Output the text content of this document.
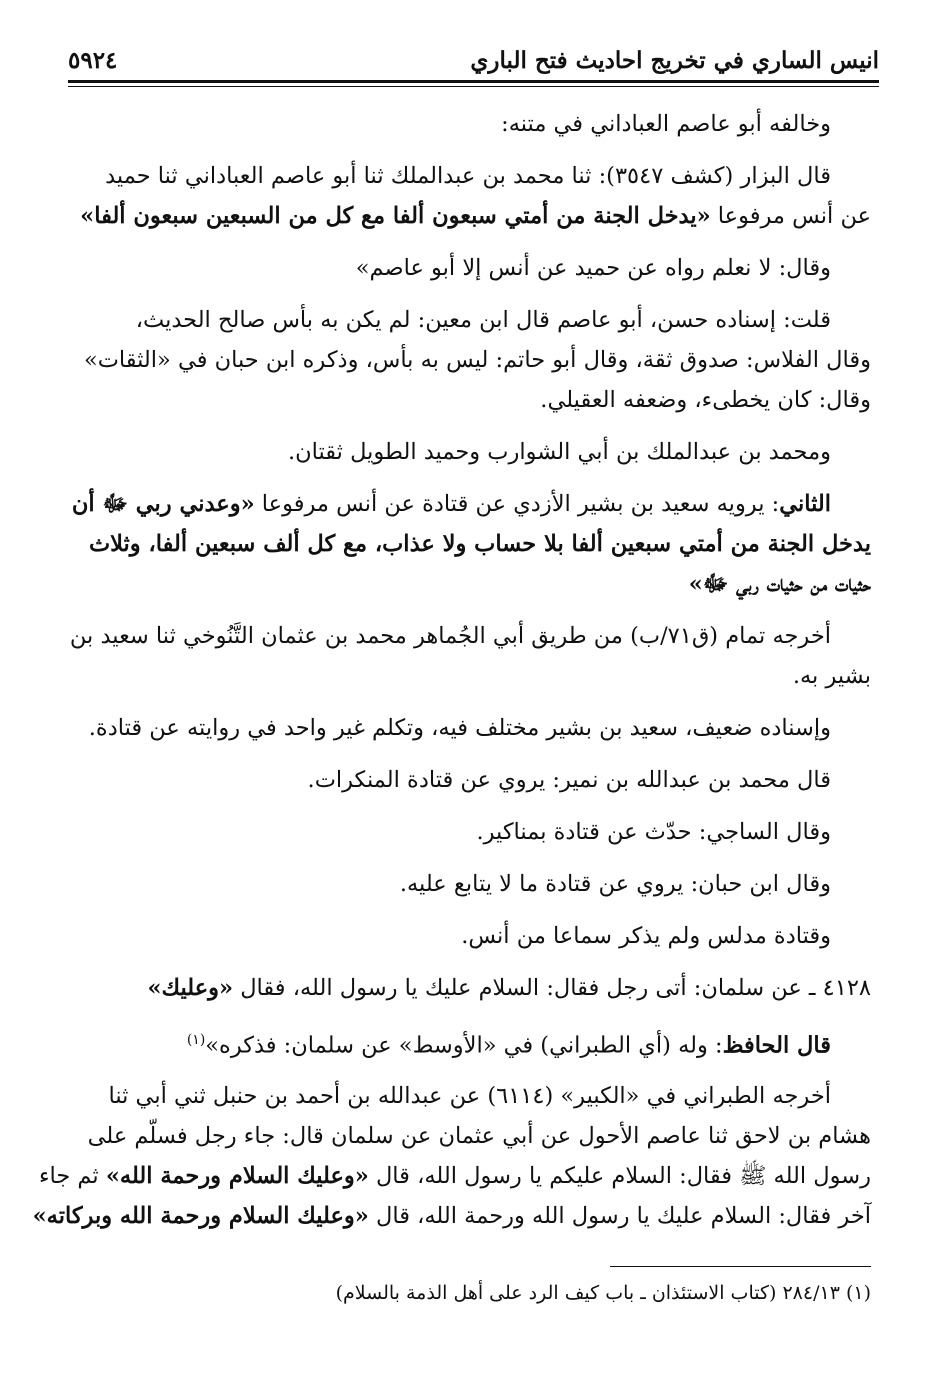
انيس الساري في تخريج احاديث فتح الباري
٥٩٢٤
وخالفه أبو عاصم العباداني في متنه:
قال البزار (كشف ٣٥٤٧): ثنا محمد بن عبدالملك ثنا أبو عاصم العباداني ثنا حميد
عن أنس مرفوعا «يدخل الجنة من أمتي سبعون ألفا مع كل من السبعين سبعون ألفا»
وقال: لا نعلم رواه عن حميد عن أنس إلا أبو عاصم»
قلت: إسناده حسن، أبو عاصم قال ابن معين: لم يكن به بأس صالح الحديث،
وقال الفلاس: صدوق ثقة، وقال أبو حاتم: ليس به بأس، وذكره ابن حبان في «الثقات»
وقال: كان يخطىء، وضعفه العقيلي.
ومحمد بن عبدالملك بن أبي الشوارب وحميد الطويل ثقتان.
الثاني: يرويه سعيد بن بشير الأزدي عن قتادة عن أنس مرفوعا «وعدني ربي ﷻ أن
يدخل الجنة من أمتي سبعين ألفا بلا حساب ولا عذاب، مع كل ألف سبعين ألفا، وثلاث
حثيات من حثيات ربي ﷻ»
أخرجه تمام (ق٧١/ب) من طريق أبي الجُماهر محمد بن عثمان التَّنُوخي ثنا سعيد بن
بشير به.
وإسناده ضعيف، سعيد بن بشير مختلف فيه، وتكلم غير واحد في روايته عن قتادة.
قال محمد بن عبدالله بن نمير: يروي عن قتادة المنكرات.
وقال الساجي: حدّث عن قتادة بمناكير.
وقال ابن حبان: يروي عن قتادة ما لا يتابع عليه.
وقتادة مدلس ولم يذكر سماعا من أنس.
٤١٢٨ ـ عن سلمان: أتى رجل فقال: السلام عليك يا رسول الله، فقال «وعليك»
قال الحافظ: وله (أي الطبراني) في «الأوسط» عن سلمان: فذكره»$^{(١)}$
أخرجه الطبراني في «الكبير» (٦١١٤) عن عبدالله بن أحمد بن حنبل ثني أبي ثنا
هشام بن لاحق ثنا عاصم الأحول عن أبي عثمان عن سلمان قال: جاء رجل فسلّم على
رسول الله ﷺ فقال: السلام عليكم يا رسول الله، قال «وعليك السلام ورحمة الله» ثم جاء
آخر فقال: السلام عليك يا رسول الله ورحمة الله، قال «وعليك السلام ورحمة الله وبركاته»
(١) ٢٨٤/١٣ (كتاب الاستئذان ـ باب كيف الرد على أهل الذمة بالسلام)
